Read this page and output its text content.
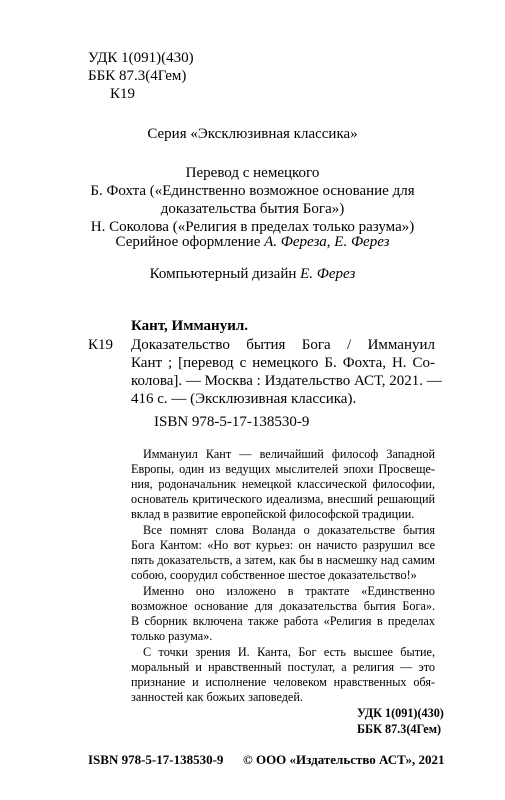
УДК 1(091)(430)
ББК 87.3(4Гем)
К19
Серия «Эксклюзивная классика»
Перевод с немецкого
Б. Фохта («Единственно возможное основание для
доказательства бытия Бога»)
Н. Соколова («Религия в пределах только разума»)
Серийное оформление А. Фереза, Е. Ферез
Компьютерный дизайн Е. Ферез
Кант, Иммануил.
К19 Доказательство бытия Бога / Иммануил
Кант ; [перевод с немецкого Б. Фохта, Н. Со-
колова]. — Москва : Издательство АСТ, 2021. —
416 с. — (Эксклюзивная классика).
ISBN 978-5-17-138530-9
Иммануил Кант — величайший философ Западной
Европы, один из ведущих мыслителей эпохи Просвеще-
ния, родоначальник немецкой классической философии,
основатель критического идеализма, внесший решающий
вклад в развитие европейской философской традиции.
Все помнят слова Воланда о доказательстве бытия
Бога Кантом: «Но вот курьез: он начисто разрушил все
пять доказательств, а затем, как бы в насмешку над самим
собою, соорудил собственное шестое доказательство!»
Именно оно изложено в трактате «Единственно
возможное основание для доказательства бытия Бога».
В сборник включена также работа «Религия в пределах
только разума».
С точки зрения И. Канта, Бог есть высшее бытие,
моральный и нравственный постулат, а религия — это
признание и исполнение человеком нравственных обя-
занностей как божьих заповедей.
УДК 1(091)(430)
ББК 87.3(4Гем)
ISBN 978-5-17-138530-9 © ООО «Издательство АСТ», 2021
